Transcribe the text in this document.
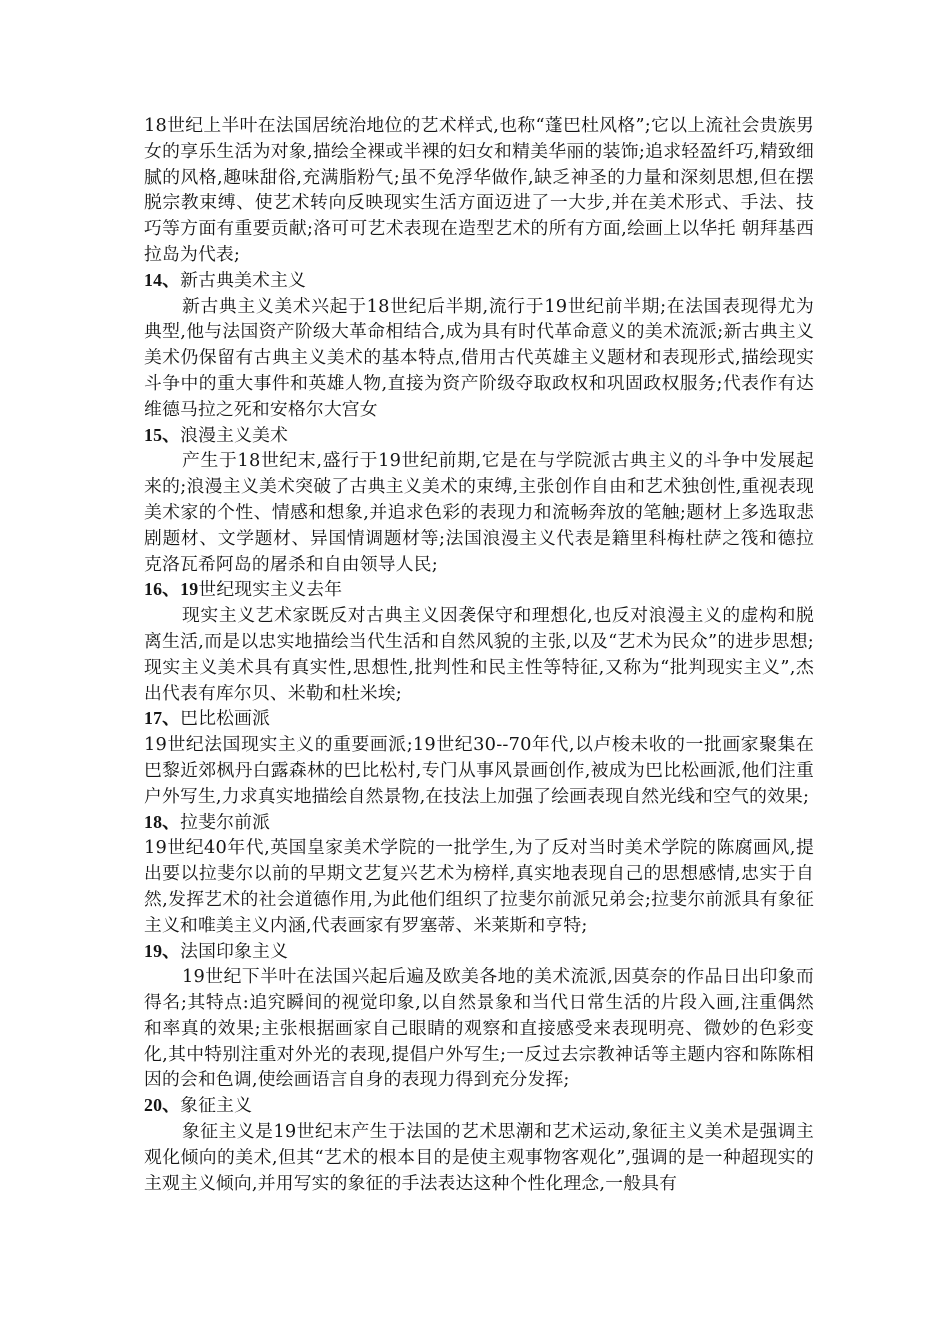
18世纪上半叶在法国居统治地位的艺术样式,也称“蓬巴杜风格”;它以上流社会贵族男女的享乐生活为对象,描绘全裸或半裸的妇女和精美华丽的装饰;追求轻盈纤巧,精致细腻的风格,趣味甜俗,充满脂粉气;虽不免浮华做作,缺乏神圣的力量和深刻思想,但在摆脱宗教束缚、使艺术转向反映现实生活方面迈进了一大步,并在美术形式、手法、技巧等方面有重要贡献;洛可可艺术表现在造型艺术的所有方面,绘画上以华托 朝拜基西拉岛为代表;

14、新古典美术主义

新古典主义美术兴起于18世纪后半期,流行于19世纪前半期;在法国表现得尤为典型,他与法国资产阶级大革命相结合,成为具有时代革命意义的美术流派;新古典主义美术仍保留有古典主义美术的基本特点,借用古代英雄主义题材和表现形式,描绘现实斗争中的重大事件和英雄人物,直接为资产阶级夺取政权和巩固政权服务;代表作有达维德马拉之死和安格尔大宫女

15、浪漫主义美术

产生于18世纪末,盛行于19世纪前期,它是在与学院派古典主义的斗争中发展起来的;浪漫主义美术突破了古典主义美术的束缚,主张创作自由和艺术独创性,重视表现美术家的个性、情感和想象,并追求色彩的表现力和流畅奔放的笔触;题材上多选取悲剧题材、文学题材、异国情调题材等;法国浪漫主义代表是籍里科梅杜萨之筏和德拉克洛瓦希阿岛的屠杀和自由领导人民;

16、19世纪现实主义去年

现实主义艺术家既反对古典主义因袭保守和理想化,也反对浪漫主义的虚构和脱离生活,而是以忠实地描绘当代生活和自然风貌的主张,以及“艺术为民众”的进步思想;现实主义美术具有真实性,思想性,批判性和民主性等特征,又称为“批判现实主义”,杰出代表有库尔贝、米勒和杜米埃;

17、巴比松画派

19世纪法国现实主义的重要画派;19世纪30--70年代,以卢梭未收的一批画家聚集在巴黎近郊枫丹白露森林的巴比松村,专门从事风景画创作,被成为巴比松画派,他们注重户外写生,力求真实地描绘自然景物,在技法上加强了绘画表现自然光线和空气的效果;

18、拉斐尔前派

19世纪40年代,英国皇家美术学院的一批学生,为了反对当时美术学院的陈腐画风,提出要以拉斐尔以前的早期文艺复兴艺术为榜样,真实地表现自己的思想感情,忠实于自然,发挥艺术的社会道德作用,为此他们组织了拉斐尔前派兄弟会;拉斐尔前派具有象征主义和唯美主义内涵,代表画家有罗塞蒂、米莱斯和亨特;

19、法国印象主义

19世纪下半叶在法国兴起后遍及欧美各地的美术流派,因莫奈的作品日出印象而得名;其特点:追究瞬间的视觉印象,以自然景象和当代日常生活的片段入画,注重偶然和率真的效果;主张根据画家自己眼睛的观察和直接感受来表现明亮、微妙的色彩变化,其中特别注重对外光的表现,提倡户外写生;一反过去宗教神话等主题内容和陈陈相因的会和色调,使绘画语言自身的表现力得到充分发挥;

20、象征主义

象征主义是19世纪末产生于法国的艺术思潮和艺术运动,象征主义美术是强调主观化倾向的美术,但其“艺术的根本目的是使主观事物客观化”,强调的是一种超现实的主观主义倾向,并用写实的象征的手法表达这种个性化理念,一般具有
